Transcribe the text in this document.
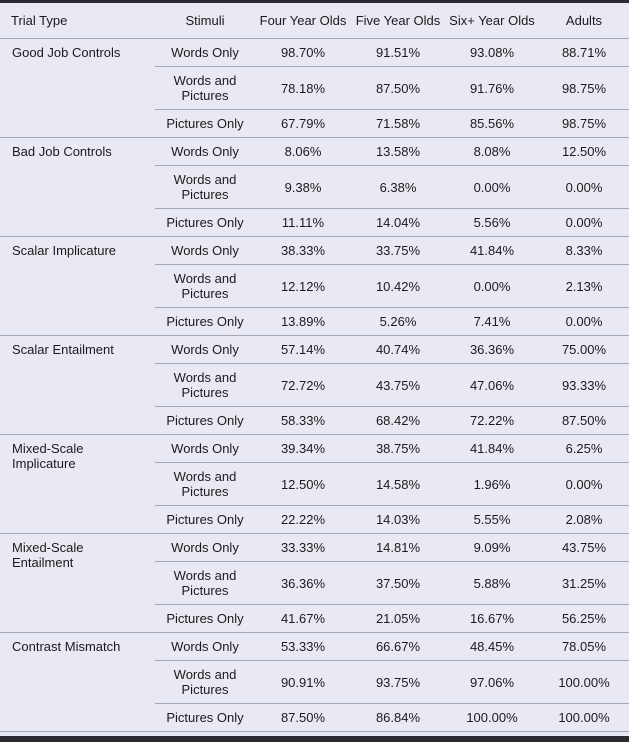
Trial Type	Stimuli	Four Year Olds	Five Year Olds	Six+ Year Olds	Adults
Good Job Controls	Words Only	98.70%	91.51%	93.08%	88.71%
	Words and Pictures	78.18%	87.50%	91.76%	98.75%
	Pictures Only	67.79%	71.58%	85.56%	98.75%
Bad Job Controls	Words Only	8.06%	13.58%	8.08%	12.50%
	Words and Pictures	9.38%	6.38%	0.00%	0.00%
	Pictures Only	11.11%	14.04%	5.56%	0.00%
Scalar Implicature	Words Only	38.33%	33.75%	41.84%	8.33%
	Words and Pictures	12.12%	10.42%	0.00%	2.13%
	Pictures Only	13.89%	5.26%	7.41%	0.00%
Scalar Entailment	Words Only	57.14%	40.74%	36.36%	75.00%
	Words and Pictures	72.72%	43.75%	47.06%	93.33%
	Pictures Only	58.33%	68.42%	72.22%	87.50%
Mixed-Scale Implicature	Words Only	39.34%	38.75%	41.84%	6.25%
	Words and Pictures	12.50%	14.58%	1.96%	0.00%
	Pictures Only	22.22%	14.03%	5.55%	2.08%
Mixed-Scale Entailment	Words Only	33.33%	14.81%	9.09%	43.75%
	Words and Pictures	36.36%	37.50%	5.88%	31.25%
	Pictures Only	41.67%	21.05%	16.67%	56.25%
Contrast Mismatch	Words Only	53.33%	66.67%	48.45%	78.05%
	Words and Pictures	90.91%	93.75%	97.06%	100.00%
	Pictures Only	87.50%	86.84%	100.00%	100.00%
